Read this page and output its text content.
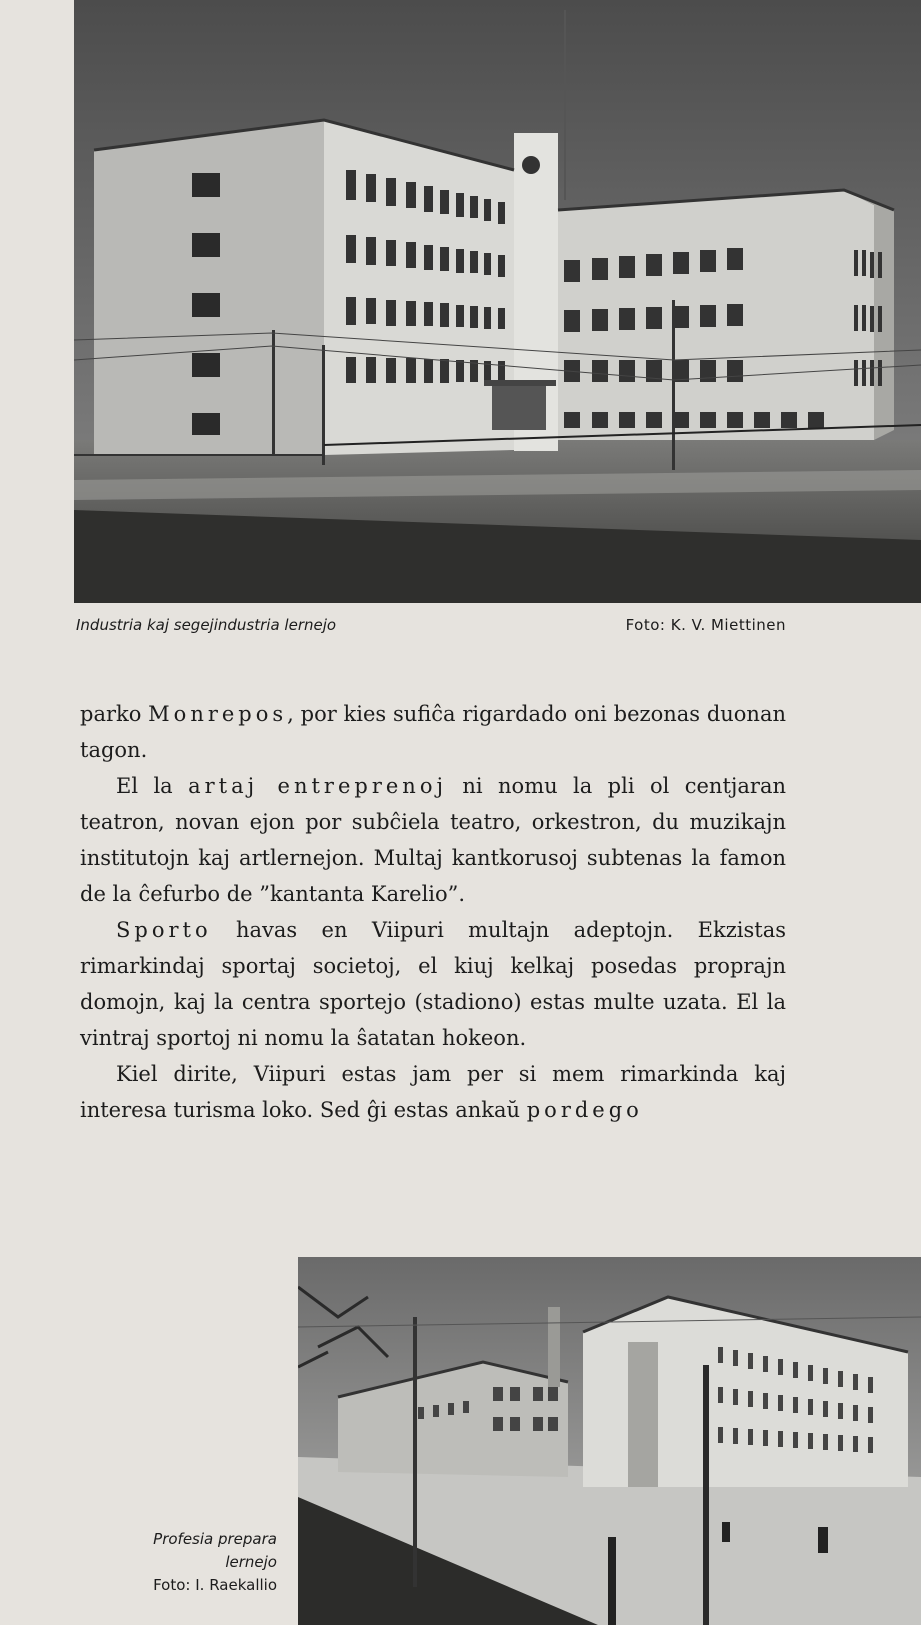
Industria kaj segejindustria lernejo	Foto: K. V. Miettinen

parko Monrepos, por kies sufiĉa rigardado oni bezonas duonan tagon.

El la artaj entreprenoj ni nomu la pli ol centjaran teatron, novan ejon por subĉiela teatro, orkestron, du muzikajn institutojn kaj artlernejon. Multaj kantkorusoj subtenas la famon de la ĉefurbo de ”kantanta Karelio”.

Sporto havas en Viipuri multajn adeptojn. Ekzistas rimarkindaj sportaj societoj, el kiuj kelkaj posedas proprajn domojn, kaj la centra sportejo (stadiono) estas multe uzata. El la vintraj sportoj ni nomu la ŝatatan hokeon.

Kiel dirite, Viipuri estas jam per si mem rimarkinda kaj interesa turisma loko. Sed ĝi estas ankaŭ pordego

Profesia prepara
lernejo
Foto: I. Raekallio
